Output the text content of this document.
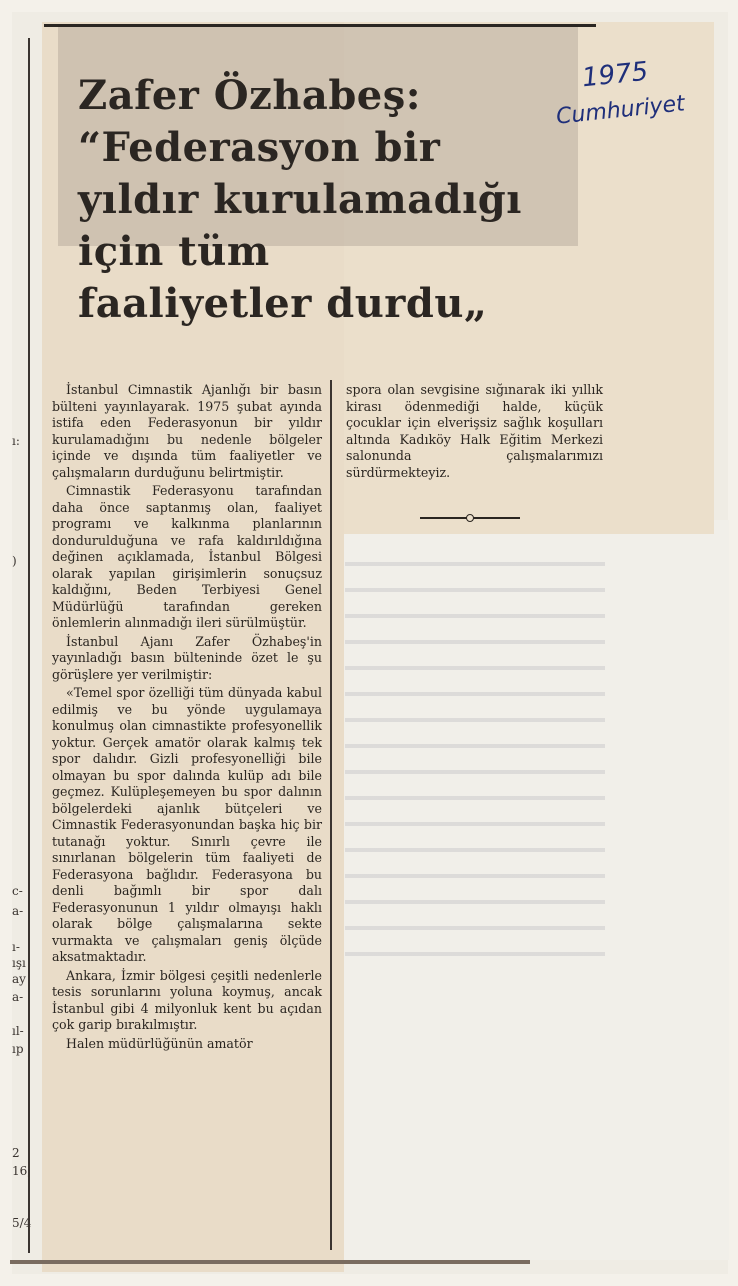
1975
Cumhuriyet
Zafer Özhabeş:
“Federasyon bir
yıldır kurulamadığı
için tüm
faaliyetler durdu„

İstanbul Cimnastik Ajanlığı bir basın bülteni yayınlayarak. 1975 şubat ayında istifa eden Federasyonun bir yıldır kurulamadığını bu nedenle bölgeler içinde ve dışında tüm faaliyetler ve çalışmaların durduğunu belirtmiştir.

Cimnastik Federasyonu tarafından daha önce saptanmış olan, faaliyet programı ve kalkınma planlarının dondurulduğuna ve rafa kaldırıldığına değinen açıklamada, İstanbul Bölgesi olarak yapılan girişimlerin sonuçsuz kaldığını, Beden Terbiyesi Genel Müdürlüğü tarafından gereken önlemlerin alınmadığı ileri sürülmüştür.

İstanbul Ajanı Zafer Özhabeş'in yayınladığı basın bülteninde özet le şu görüşlere yer verilmiştir:

«Temel spor özelliği tüm dünyada kabul edilmiş ve bu yönde uygulamaya konulmuş olan cimnastikte profesyonellik yoktur. Gerçek amatör olarak kalmış tek spor dalıdır. Gizli profesyonelliği bile olmayan bu spor dalında kulüp adı bile geçmez. Kulüpleşemeyen bu spor dalının bölgelerdeki ajanlık bütçeleri ve Cimnastik Federasyonundan başka hiç bir tutanağı yoktur. Sınırlı çevre ile sınırlanan bölgelerin tüm faaliyeti de Federasyona bağlıdır. Federasyona bu denli bağımlı bir spor dalı Federasyonunun 1 yıldır olmayışı haklı olarak bölge çalışmalarına sekte vurmakta ve çalışmaları geniş ölçüde aksatmaktadır.

Ankara, İzmir bölgesi çeşitli nedenlerle tesis sorunlarını yoluna koymuş, ancak İstanbul gibi 4 milyonluk kent bu açıdan çok garip bırakılmıştır.

Halen müdürlüğünün amatör

spora olan sevgisine sığınarak iki yıllık kirası ödenmediği halde, küçük çocuklar için elverişsiz sağlık koşulları altında Kadıköy Halk Eğitim Merkezi salonunda çalışmalarımızı sürdürmekteyiz.

ı:
)
c-
a-
ı-
ışı
ay
a-
ıl-
ıp
2
16,
5/4
